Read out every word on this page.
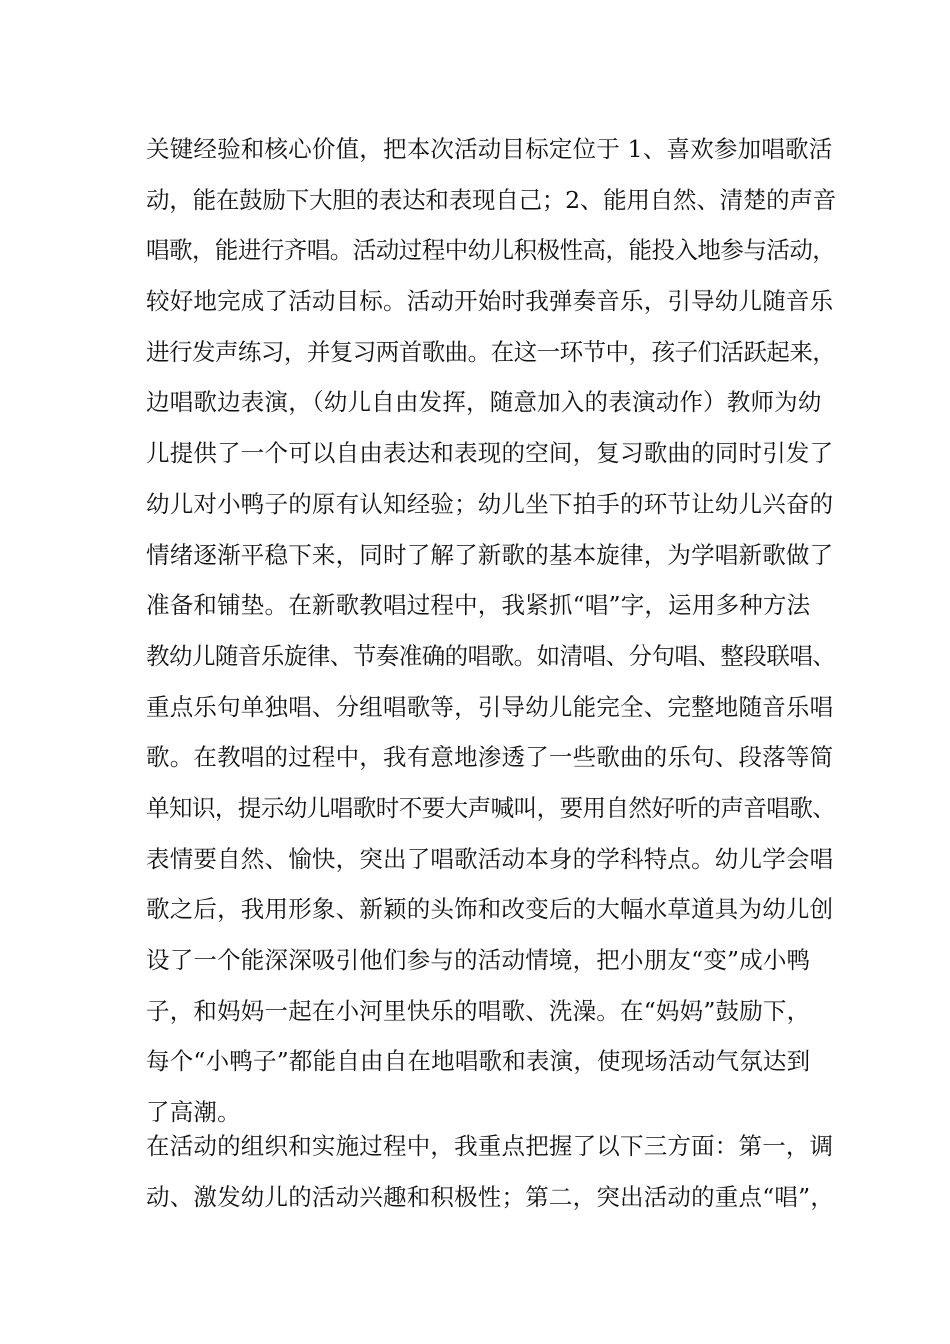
关键经验和核心价值，把本次活动目标定位于 1、喜欢参加唱歌活
动，能在鼓励下大胆的表达和表现自己；2、能用自然、清楚的声音
唱歌，能进行齐唱。活动过程中幼儿积极性高，能投入地参与活动，
较好地完成了活动目标。活动开始时我弹奏音乐，引导幼儿随音乐
进行发声练习，并复习两首歌曲。在这一环节中，孩子们活跃起来，
边唱歌边表演，（幼儿自由发挥，随意加入的表演动作）教师为幼
儿提供了一个可以自由表达和表现的空间，复习歌曲的同时引发了
幼儿对小鸭子的原有认知经验；幼儿坐下拍手的环节让幼儿兴奋的
情绪逐渐平稳下来，同时了解了新歌的基本旋律，为学唱新歌做了
准备和铺垫。在新歌教唱过程中，我紧抓“唱”字，运用多种方法
教幼儿随音乐旋律、节奏准确的唱歌。如清唱、分句唱、整段联唱、
重点乐句单独唱、分组唱歌等，引导幼儿能完全、完整地随音乐唱
歌。在教唱的过程中，我有意地渗透了一些歌曲的乐句、段落等简
单知识，提示幼儿唱歌时不要大声喊叫，要用自然好听的声音唱歌、
表情要自然、愉快，突出了唱歌活动本身的学科特点。幼儿学会唱
歌之后，我用形象、新颖的头饰和改变后的大幅水草道具为幼儿创
设了一个能深深吸引他们参与的活动情境，把小朋友“变”成小鸭
子，和妈妈一起在小河里快乐的唱歌、洗澡。在“妈妈”鼓励下，
每个“小鸭子”都能自由自在地唱歌和表演，使现场活动气氛达到
了高潮。
在活动的组织和实施过程中，我重点把握了以下三方面：第一，调
动、激发幼儿的活动兴趣和积极性；第二，突出活动的重点“唱”，
